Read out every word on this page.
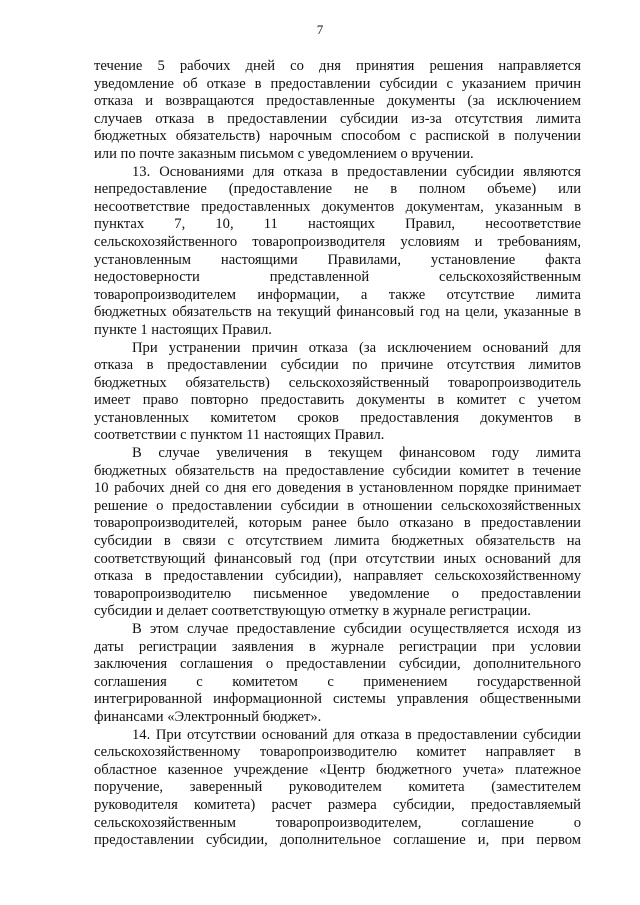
7
течение 5 рабочих дней со дня принятия решения направляется
уведомление об отказе в предоставлении субсидии с указанием причин
отказа и возвращаются предоставленные документы (за исключением
случаев отказа в предоставлении субсидии из-за отсутствия лимита
бюджетных обязательств) нарочным способом с распиской в получении
или по почте заказным письмом с уведомлением о вручении.
13. Основаниями для отказа в предоставлении субсидии являются
непредоставление (предоставление не в полном объеме) или
несоответствие предоставленных документов документам, указанным в
пунктах 7, 10, 11 настоящих Правил, несоответствие
сельскохозяйственного товаропроизводителя условиям и требованиям,
установленным настоящими Правилами, установление факта
недостоверности представленной сельскохозяйственным
товаропроизводителем информации, а также отсутствие лимита
бюджетных обязательств на текущий финансовый год на цели, указанные в
пункте 1 настоящих Правил.
При устранении причин отказа (за исключением оснований для
отказа в предоставлении субсидии по причине отсутствия лимитов
бюджетных обязательств) сельскохозяйственный товаропроизводитель
имеет право повторно предоставить документы в комитет с учетом
установленных комитетом сроков предоставления документов в
соответствии с пунктом 11 настоящих Правил.
В случае увеличения в текущем финансовом году лимита
бюджетных обязательств на предоставление субсидии комитет в течение
10 рабочих дней со дня его доведения в установленном порядке принимает
решение о предоставлении субсидии в отношении сельскохозяйственных
товаропроизводителей, которым ранее было отказано в предоставлении
субсидии в связи с отсутствием лимита бюджетных обязательств на
соответствующий финансовый год (при отсутствии иных оснований для
отказа в предоставлении субсидии), направляет сельскохозяйственному
товаропроизводителю письменное уведомление о предоставлении
субсидии и делает соответствующую отметку в журнале регистрации.
В этом случае предоставление субсидии осуществляется исходя из
даты регистрации заявления в журнале регистрации при условии
заключения соглашения о предоставлении субсидии, дополнительного
соглашения с комитетом с применением государственной
интегрированной информационной системы управления общественными
финансами «Электронный бюджет».
14. При отсутствии оснований для отказа в предоставлении субсидии
сельскохозяйственному товаропроизводителю комитет направляет в
областное казенное учреждение «Центр бюджетного учета» платежное
поручение, заверенный руководителем комитета (заместителем
руководителя комитета) расчет размера субсидии, предоставляемый
сельскохозяйственным товаропроизводителем, соглашение о
предоставлении субсидии, дополнительное соглашение и, при первом
